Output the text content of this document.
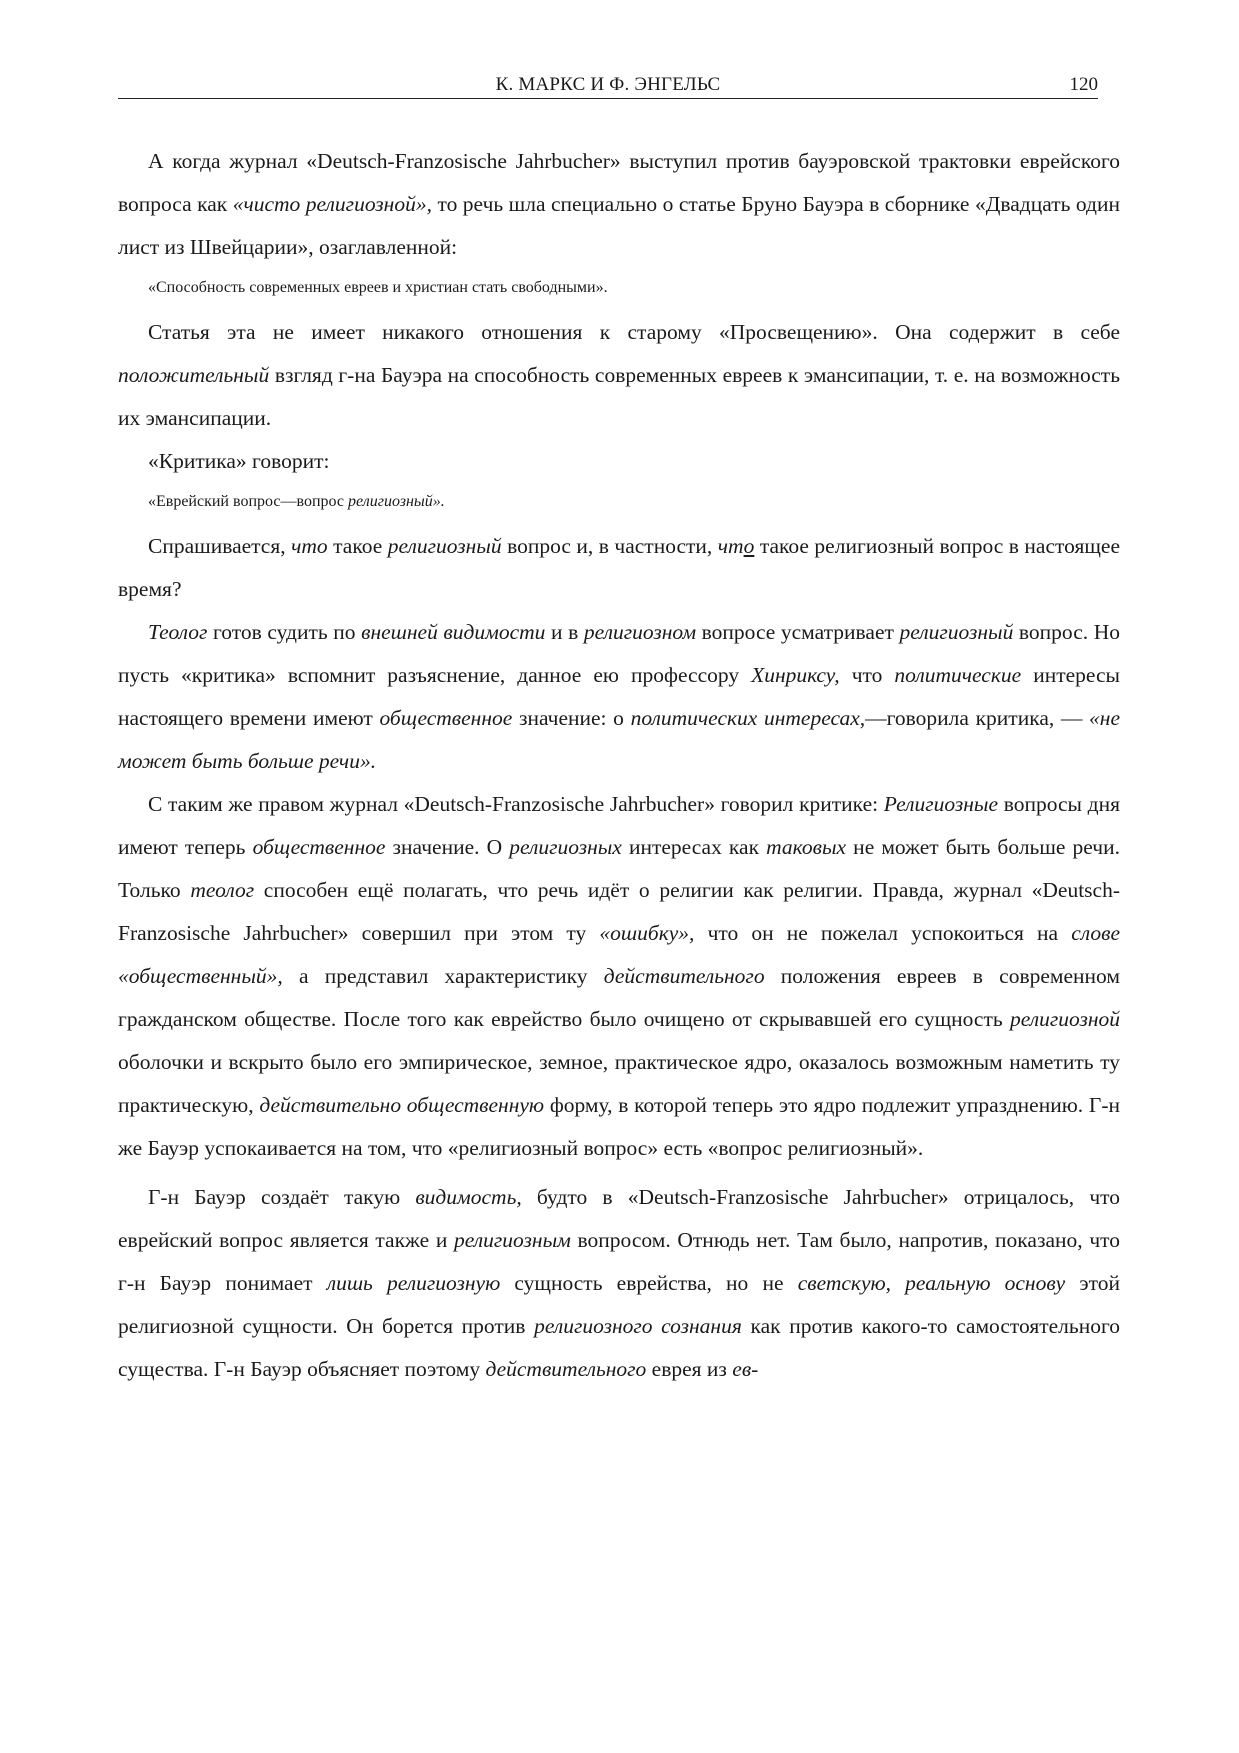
К. МАРКС И Ф. ЭНГЕЛЬС	120

А когда журнал «Deutsch-Franzosische Jahrbucher» выступил против бауэровской трактовки еврейского вопроса как «чисто религиозной», то речь шла специально о статье Бруно Бауэра в сборнике «Двадцать один лист из Швейцарии», озаглавленной:

«Способность современных евреев и христиан стать свободными».

Статья эта не имеет никакого отношения к старому «Просвещению». Она содержит в себе положительный взгляд г-на Бауэра на способность современных евреев к эмансипации, т. е. на возможность их эмансипации.

«Критика» говорит:

«Еврейский вопрос—вопрос религиозный».

Спрашивается, что такое религиозный вопрос и, в частности, что такое религиозный вопрос в настоящее время?

Теолог готов судить по внешней видимости и в религиозном вопросе усматривает религиозный вопрос. Но пусть «критика» вспомнит разъяснение, данное ею профессору Хинриксу, что политические интересы настоящего времени имеют общественное значение: о политических интересах,—говорила критика, — «не может быть больше речи».

С таким же правом журнал «Deutsch-Franzosische Jahrbucher» говорил критике: Религиозные вопросы дня имеют теперь общественное значение. О религиозных интересах как таковых не может быть больше речи. Только теолог способен ещё полагать, что речь идёт о религии как религии. Правда, журнал «Deutsch-Franzosische Jahrbucher» совершил при этом ту «ошибку», что он не пожелал успокоиться на слове «общественный», а представил характеристику действительного положения евреев в современном гражданском обществе. После того как еврейство было очищено от скрывавшей его сущность религиозной оболочки и вскрыто было его эмпирическое, земное, практическое ядро, оказалось возможным наметить ту практическую, действительно общественную форму, в которой теперь это ядро подлежит упразднению. Г-н же Бауэр успокаивается на том, что «религиозный вопрос» есть «вопрос религиозный».

Г-н Бауэр создаёт такую видимость, будто в «Deutsch-Franzosische Jahrbucher» отрицалось, что еврейский вопрос является также и религиозным вопросом. Отнюдь нет. Там было, напротив, показано, что г-н Бауэр понимает лишь религиозную сущность еврейства, но не светскую, реальную основу этой религиозной сущности. Он борется против религиозного сознания как против какого-то самостоятельного существа. Г-н Бауэр объясняет поэтому действительного еврея из ев-
